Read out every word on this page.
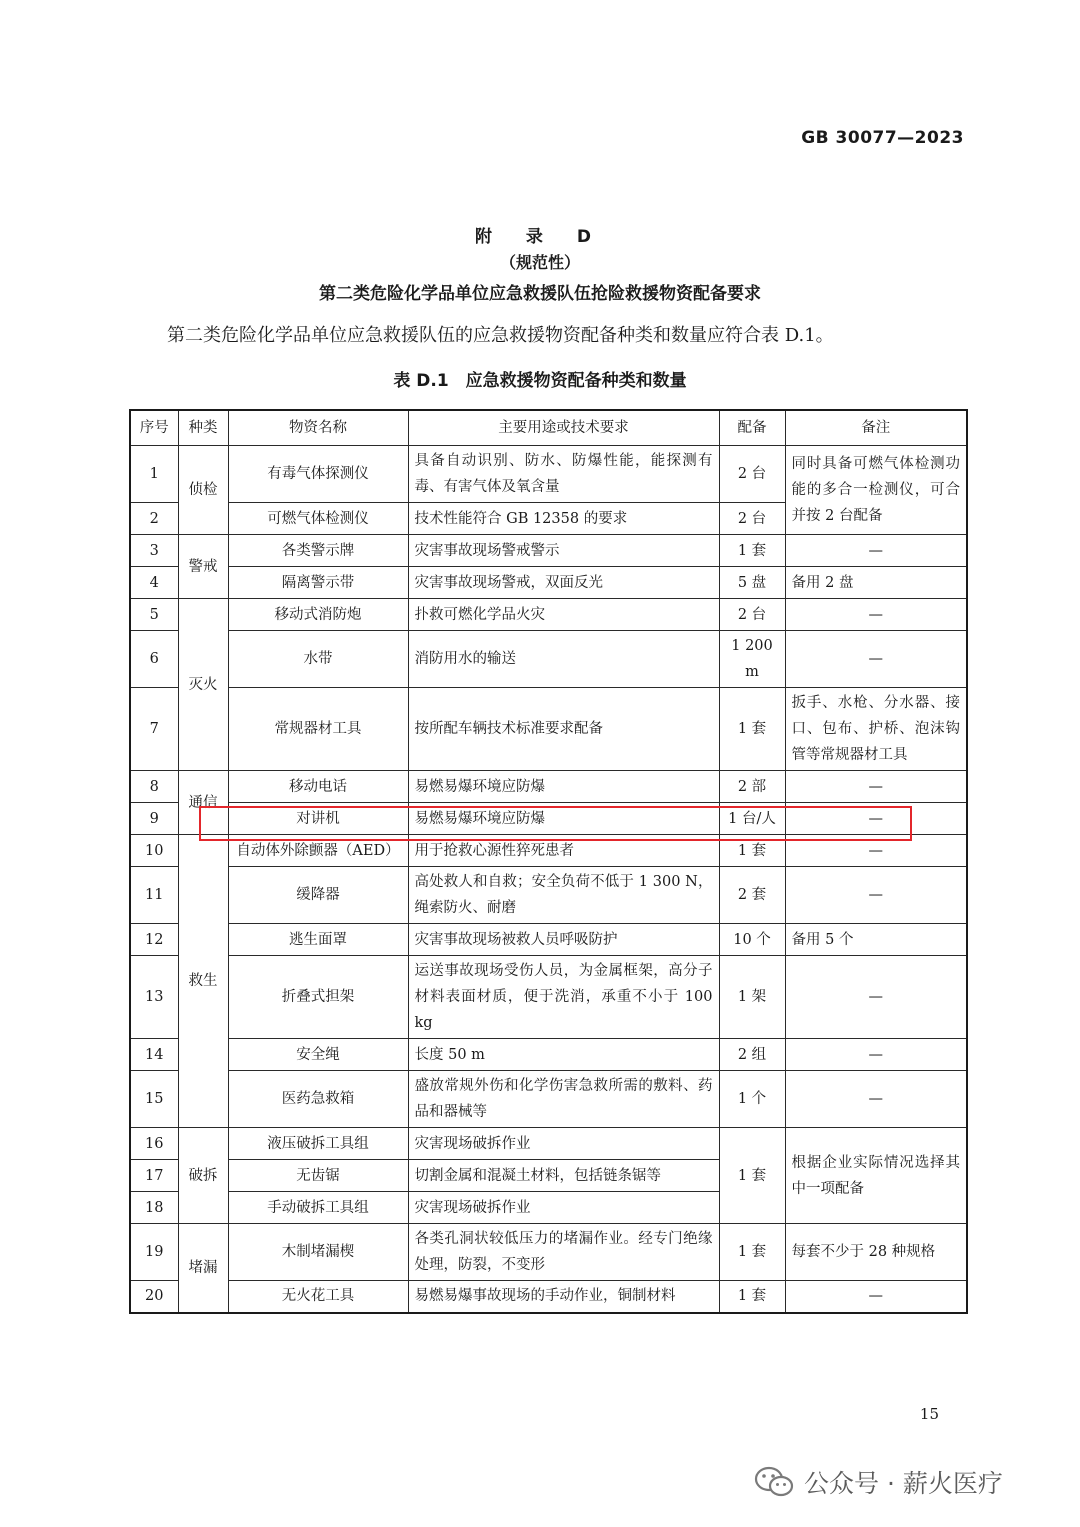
GB 30077—2023
附 录 D
（规范性）
第二类危险化学品单位应急救援队伍抢险救援物资配备要求
第二类危险化学品单位应急救援队伍的应急救援物资配备种类和数量应符合表 D.1。
表 D.1　应急救援物资配备种类和数量
序号	种类	物资名称	主要用途或技术要求	配备	备注
1	侦检	有毒气体探测仪	具备自动识别、防水、防爆性能，能探测有毒、有害气体及氧含量	2 台	同时具备可燃气体检测功能的多合一检测仪，可合并按 2 台配备
2		可燃气体检测仪	技术性能符合 GB 12358 的要求	2 台	
3	警戒	各类警示牌	灾害事故现场警戒警示	1 套	—
4		隔离警示带	灾害事故现场警戒，双面反光	5 盘	备用 2 盘
5	灭火	移动式消防炮	扑救可燃化学品火灾	2 台	—
6		水带	消防用水的输送	1 200 m	—
7		常规器材工具	按所配车辆技术标准要求配备	1 套	扳手、水枪、分水器、接口、包布、护桥、泡沫钩管等常规器材工具
8	通信	移动电话	易燃易爆环境应防爆	2 部	—
9		对讲机	易燃易爆环境应防爆	1 台/人	—
10	救生	自动体外除颤器（AED）	用于抢救心源性猝死患者	1 套	—
11		缓降器	高处救人和自救；安全负荷不低于 1 300 N，绳索防火、耐磨	2 套	—
12		逃生面罩	灾害事故现场被救人员呼吸防护	10 个	备用 5 个
13		折叠式担架	运送事故现场受伤人员，为金属框架，高分子材料表面材质，便于洗消，承重不小于 100 kg	1 架	—
14		安全绳	长度 50 m	2 组	—
15		医药急救箱	盛放常规外伤和化学伤害急救所需的敷料、药品和器械等	1 个	—
16	破拆	液压破拆工具组	灾害现场破拆作业	1 套	根据企业实际情况选择其中一项配备
17		无齿锯	切割金属和混凝土材料，包括链条锯等		
18		手动破拆工具组	灾害现场破拆作业		
19	堵漏	木制堵漏楔	各类孔洞状较低压力的堵漏作业。经专门绝缘处理，防裂，不变形	1 套	每套不少于 28 种规格
20		无火花工具	易燃易爆事故现场的手动作业，铜制材料	1 套	—
15
公众号 · 薪火医疗
